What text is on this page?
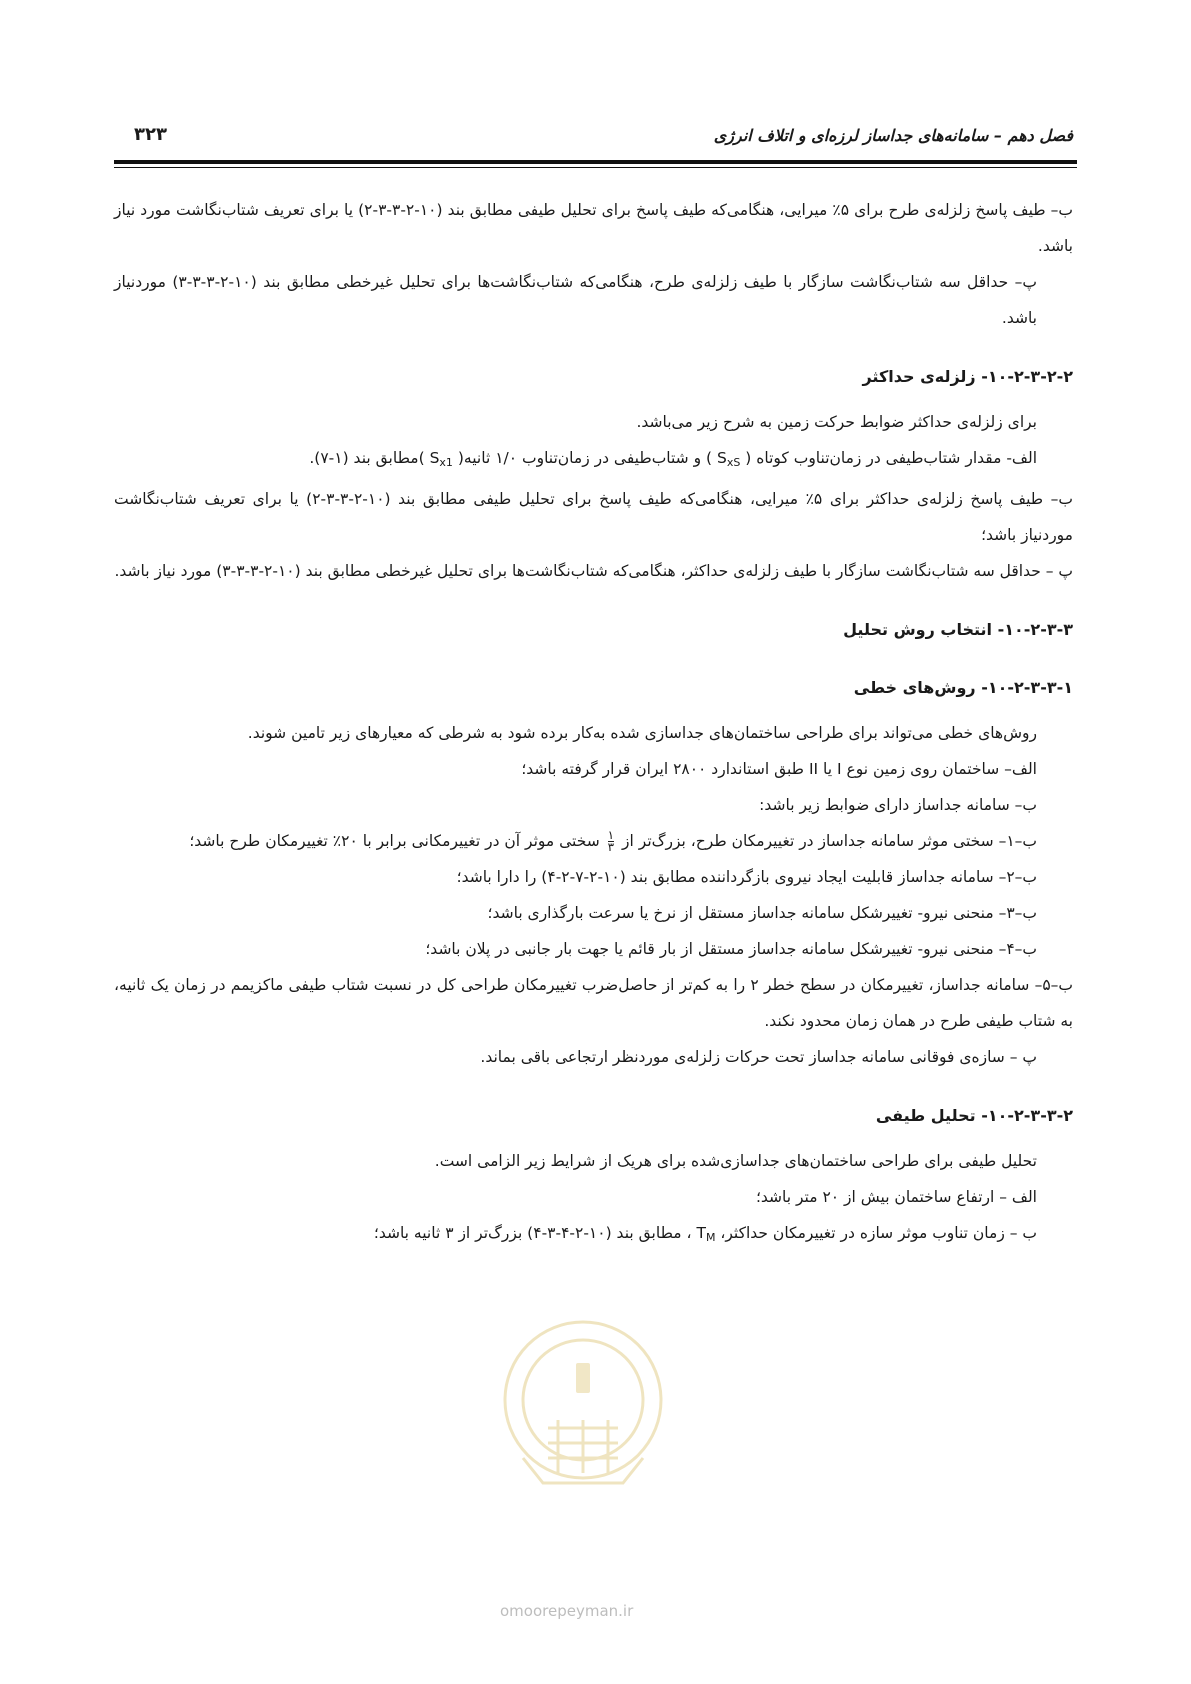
فصل دهم – سامانه‌های جداساز لرزه‌ای و اتلاف انرژی
۳۲۳

ب– طیف پاسخ زلزله‌ی طرح برای ۵٪ میرایی، هنگامی‌که طیف پاسخ برای تحلیل طیفی مطابق بند (۱۰-۲-۳-۳-۲) یا برای تعریف شتاب‌نگاشت مورد نیاز باشد.

پ– حداقل سه شتاب‌نگاشت سازگار با طیف زلزله‌ی طرح، هنگامی‌که شتاب‌نگاشت‌ها برای تحلیل غیرخطی مطابق بند (۱۰-۲-۳-۳-۳) موردنیاز باشد.

۱۰-۲-۳-۲-۲- زلزله‌ی حداکثر

برای زلزله‌ی حداکثر ضوابط حرکت زمین به شرح زیر می‌باشد.

الف- مقدار شتاب‌طیفی در زمان‌تناوب کوتاه ( $S_{xS}$ ) و شتاب‌طیفی در زمان‌تناوب ۱/۰ ثانیه( $S_{x1}$ )مطابق بند (۱-۷).

ب– طیف پاسخ زلزله‌ی حداکثر برای ۵٪ میرایی، هنگامی‌که طیف پاسخ برای تحلیل طیفی مطابق بند (۱۰-۲-۳-۳-۲) یا برای تعریف شتاب‌نگاشت موردنیاز باشد؛

پ – حداقل سه شتاب‌نگاشت سازگار با طیف زلزله‌ی حداکثر، هنگامی‌که شتاب‌نگاشت‌ها برای تحلیل غیرخطی مطابق بند (۱۰-۲-۳-۳-۳) مورد نیاز باشد.

۱۰-۲-۳-۳- انتخاب روش تحلیل
۱۰-۲-۳-۳-۱- روش‌های خطی

روش‌های خطی می‌تواند برای طراحی ساختمان‌های جداسازی شده به‌کار برده شود به شرطی که معیارهای زیر تامین شوند.

الف– ساختمان روی زمین نوع I یا II طبق استاندارد ۲۸۰۰ ایران قرار گرفته باشد؛

ب– سامانه جداساز دارای ضوابط زیر باشد:

ب–۱– سختی موثر سامانه جداساز در تغییرمکان طرح، بزرگ‌تر از $\frac{۱}{۳}$
سختی موثر آن در تغییرمکانی برابر با ۲۰٪ تغییرمکان طرح باشد؛

ب–۲– سامانه جداساز قابلیت ایجاد نیروی بازگرداننده مطابق بند (۱۰-۲-۷-۲-۴) را دارا باشد؛

ب–۳– منحنی نیرو- تغییرشکل سامانه جداساز مستقل از نرخ یا سرعت بارگذاری باشد؛

ب–۴– منحنی نیرو- تغییرشکل سامانه جداساز مستقل از بار قائم یا جهت بار جانبی در پلان باشد؛

ب–۵– سامانه جداساز، تغییرمکان در سطح خطر ۲ را به کم‌تر از حاصل‌ضرب تغییرمکان طراحی کل در نسبت شتاب طیفی ماکزیمم در زمان یک ثانیه، به شتاب طیفی طرح در همان زمان محدود نکند.

پ – سازه‌ی فوقانی سامانه جداساز تحت حرکات زلزله‌ی موردنظر ارتجاعی باقی بماند.

۱۰-۲-۳-۳-۲- تحلیل طیفی

تحلیل طیفی برای طراحی ساختمان‌های جداسازی‌شده برای هریک از شرایط زیر الزامی است.

الف – ارتفاع ساختمان بیش از ۲۰ متر باشد؛

ب – زمان تناوب موثر سازه در تغییرمکان حداکثر، $T_M$ ، مطابق بند (۱۰-۲-۴-۳-۴) بزرگ‌تر از ۳ ثانیه باشد؛

omoorepeyman.ir
